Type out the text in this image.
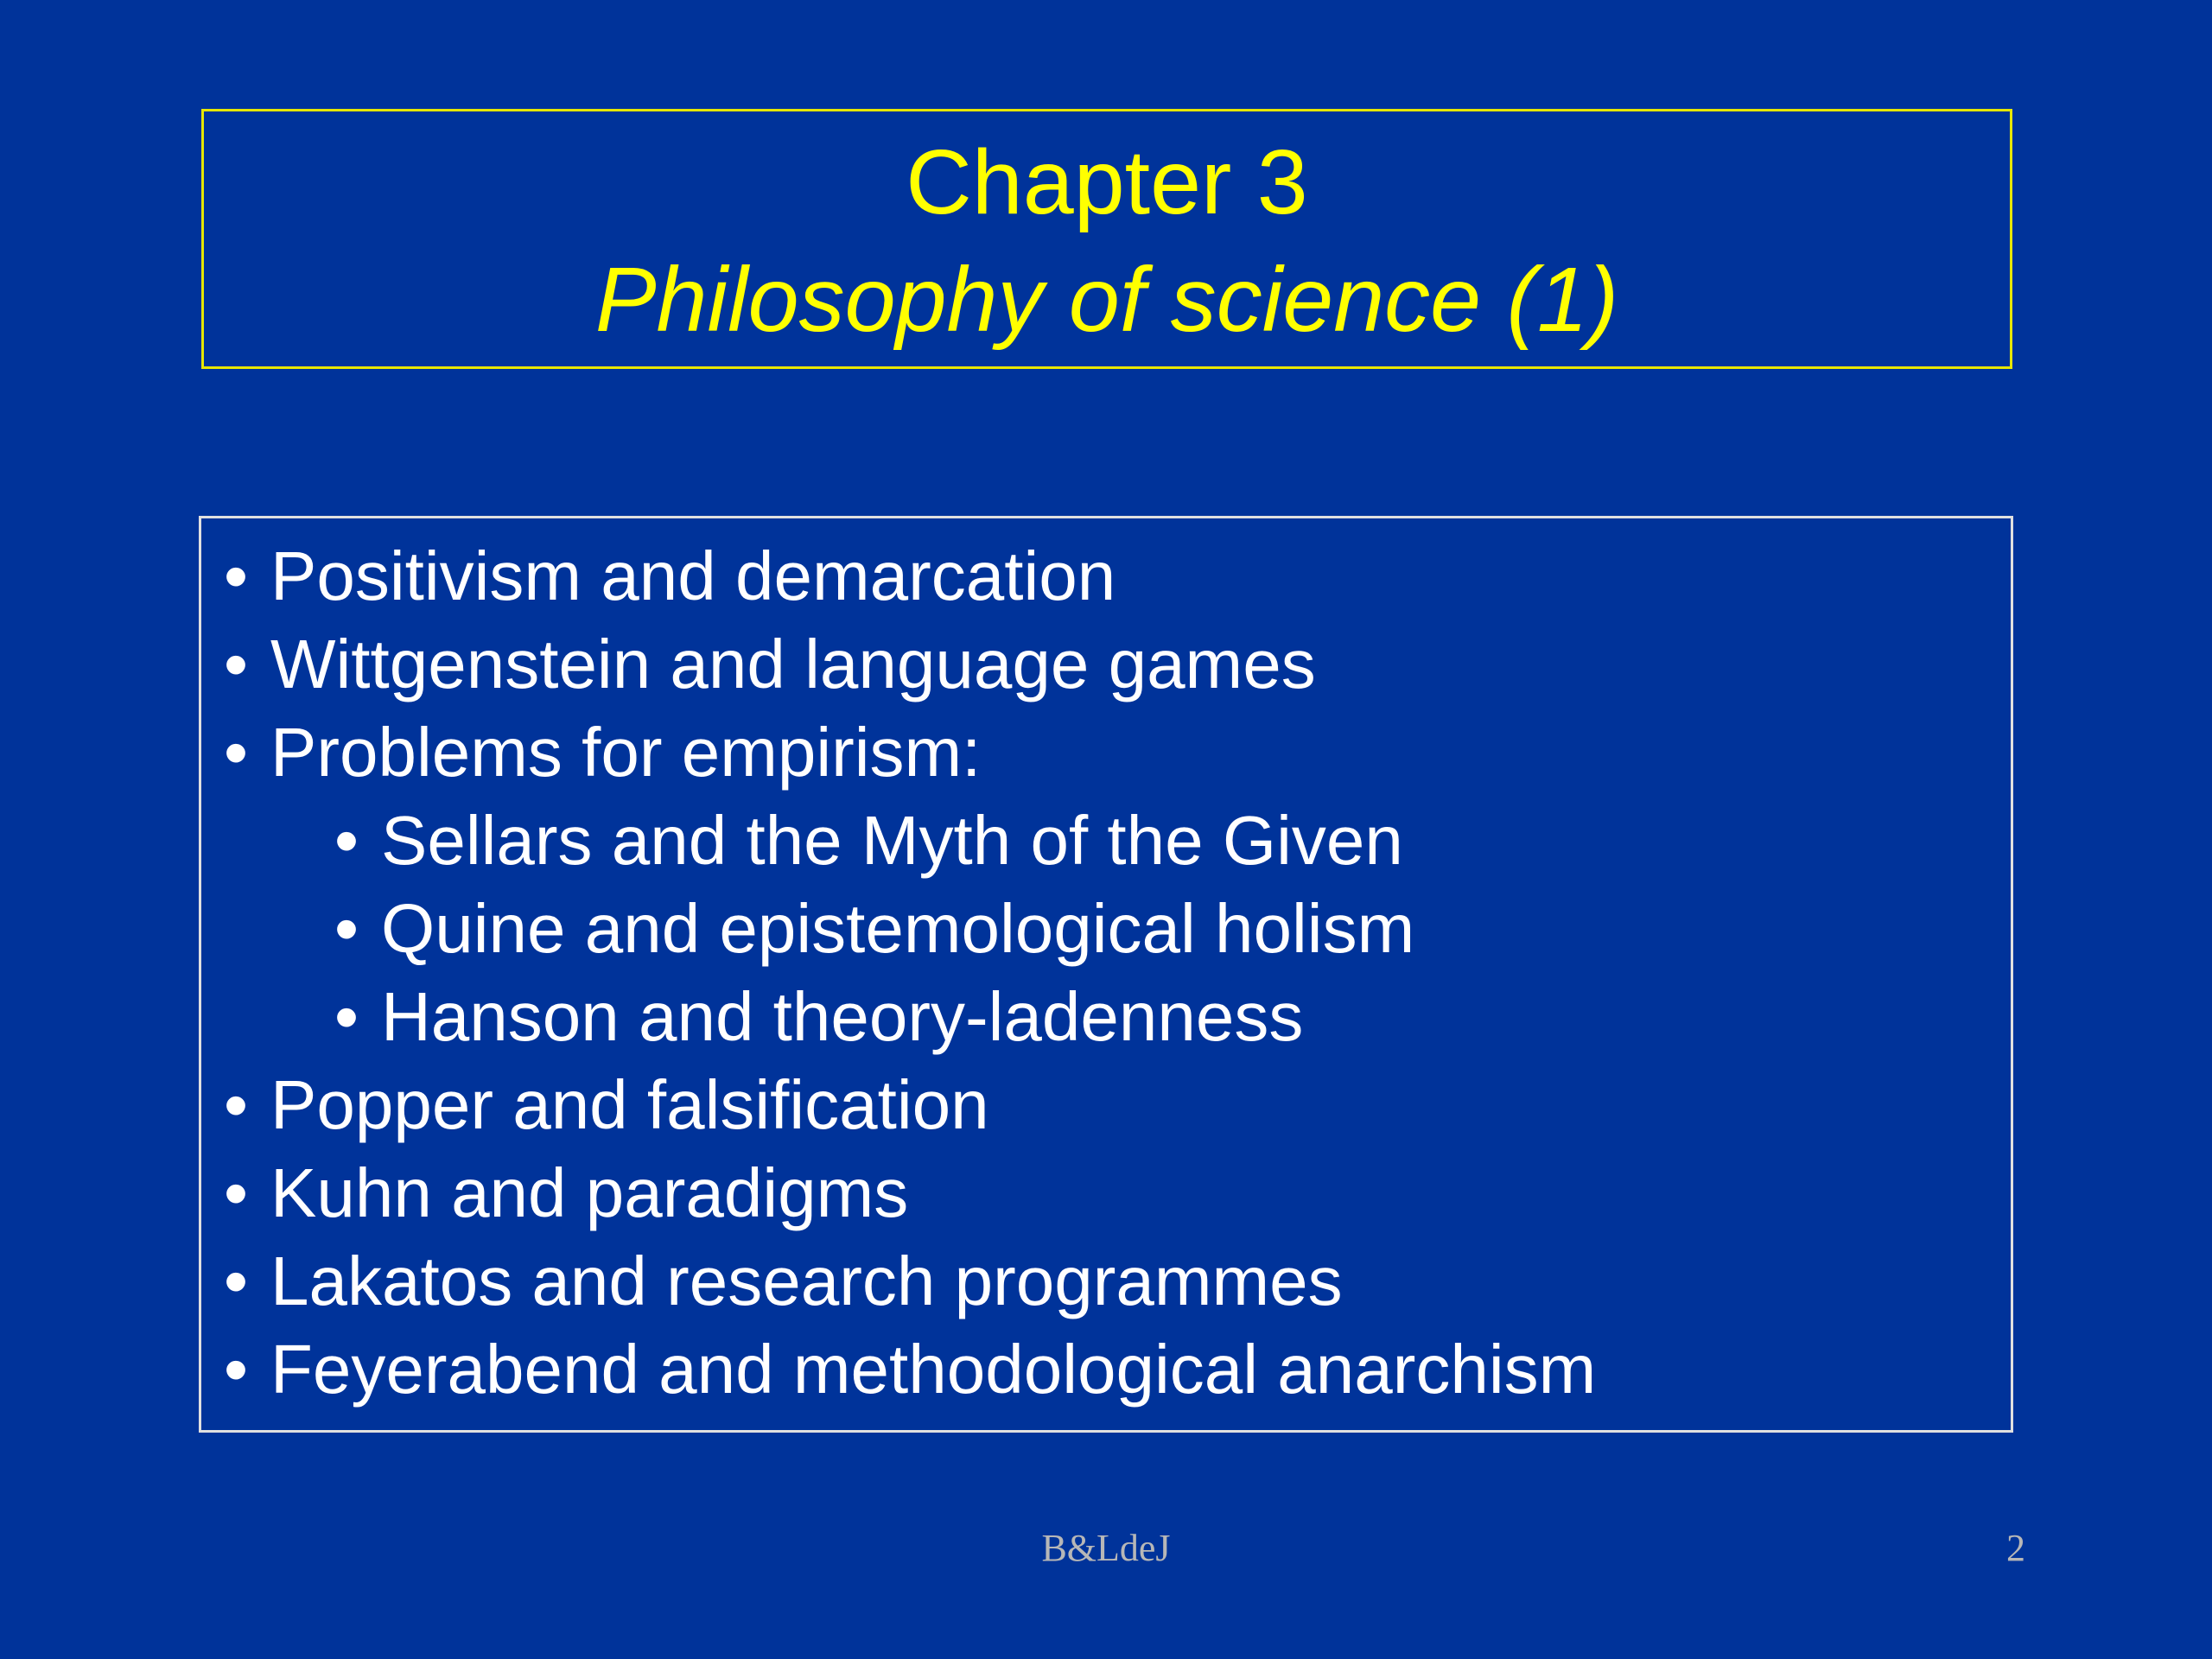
Chapter 3
Philosophy of science (1)
• Positivism and demarcation
• Wittgenstein and language games
• Problems for empirism:
• Sellars and the Myth of the Given
• Quine and epistemological holism
• Hanson and theory-ladenness
• Popper and falsification
• Kuhn and paradigms
• Lakatos and research programmes
• Feyerabend and methodological anarchism
B&LdeJ	2
